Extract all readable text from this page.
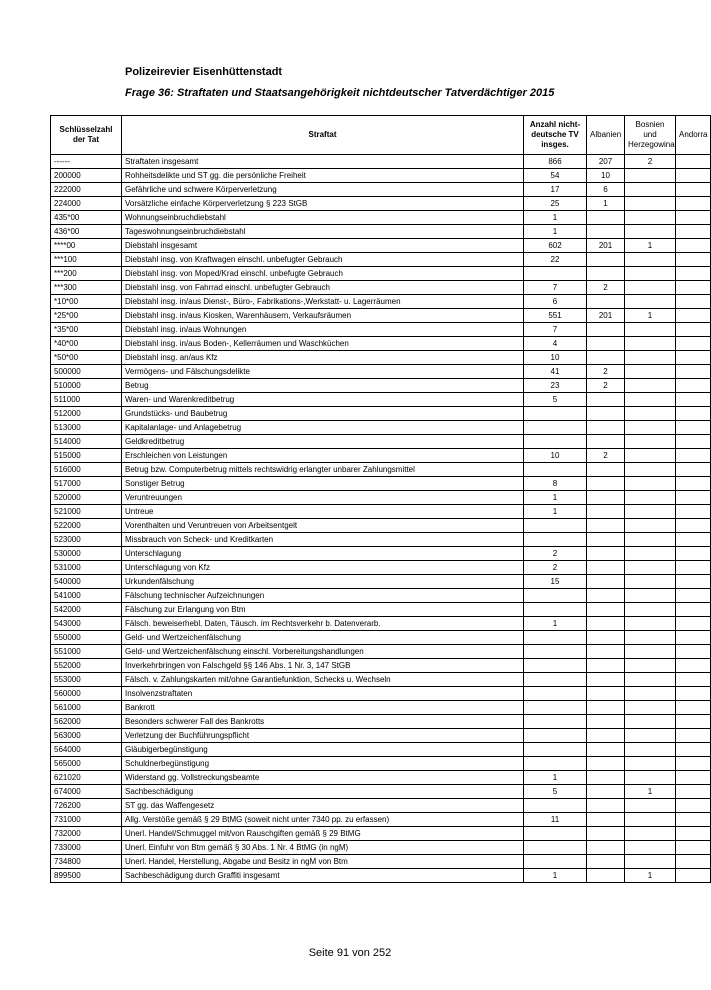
Polizeirevier Eisenhüttenstadt

Frage 36: Straftaten und Staatsangehörigkeit nichtdeutscher Tatverdächtiger 2015

Schlüsselzahl der Tat	Straftat	Anzahl nicht-deutsche TV insges.	Albanien	Bosnien und Herzegowina	Andorra
------	Straftaten insgesamt	866	207	2	
200000	Rohheitsdelikte und ST gg. die persönliche Freiheit	54	10		
222000	Gefährliche und schwere Körperverletzung	17	6		
224000	Vorsätzliche einfache Körperverletzung § 223 StGB	25	1		
435*00	Wohnungseinbruchdiebstahl	1			
436*00	Tageswohnungseinbruchdiebstahl	1			
****00	Diebstahl insgesamt	602	201	1	
***100	Diebstahl insg. von Kraftwagen einschl. unbefugter Gebrauch	22			
***200	Diebstahl insg. von Moped/Krad einschl. unbefugte Gebrauch				
***300	Diebstahl insg. von Fahrrad einschl. unbefugter Gebrauch	7	2		
*10*00	Diebstahl insg. in/aus Dienst-, Büro-, Fabrikations-,Werkstatt- u. Lagerräumen	6			
*25*00	Diebstahl insg. in/aus Kiosken, Warenhäusern, Verkaufsräumen	551	201	1	
*35*00	Diebstahl insg. in/aus Wohnungen	7			
*40*00	Diebstahl insg. in/aus Boden-, Kellerräumen und Waschküchen	4			
*50*00	Diebstahl insg. an/aus Kfz	10			
500000	Vermögens- und Fälschungsdelikte	41	2		
510000	Betrug	23	2		
511000	Waren- und Warenkreditbetrug	5			
512000	Grundstücks- und Baubetrug				
513000	Kapitalanlage- und Anlagebetrug				
514000	Geldkreditbetrug				
515000	Erschleichen von Leistungen	10	2		
516000	Betrug bzw. Computerbetrug mittels rechtswidrig erlangter unbarer Zahlungsmittel				
517000	Sonstiger Betrug	8			
520000	Veruntreuungen	1			
521000	Untreue	1			
522000	Vorenthalten und Veruntreuen von Arbeitsentgelt				
523000	Missbrauch von Scheck- und Kreditkarten				
530000	Unterschlagung	2			
531000	Unterschlagung von Kfz	2			
540000	Urkundenfälschung	15			
541000	Fälschung technischer Aufzeichnungen				
542000	Fälschung zur Erlangung von Btm				
543000	Fälsch. beweiserhebl. Daten, Täusch. im Rechtsverkehr b. Datenverarb.	1			
550000	Geld- und Wertzeichenfälschung				
551000	Geld- und Wertzeichenfälschung einschl. Vorbereitungshandlungen				
552000	Inverkehrbringen von Falschgeld §§ 146 Abs. 1 Nr. 3, 147 StGB				
553000	Fälsch. v. Zahlungskarten mit/ohne Garantiefunktion, Schecks u. Wechseln				
560000	Insolvenzstraftaten				
561000	Bankrott				
562000	Besonders schwerer Fall des Bankrotts				
563000	Verletzung der Buchführungspflicht				
564000	Gläubigerbegünstigung				
565000	Schuldnerbegünstigung				
621020	Widerstand gg. Vollstreckungsbeamte	1			
674000	Sachbeschädigung	5		1	
726200	ST gg. das Waffengesetz				
731000	Allg. Verstöße gemäß § 29 BtMG (soweit nicht unter 7340 pp. zu erfassen)	11			
732000	Unerl. Handel/Schmuggel mit/von Rauschgiften gemäß § 29 BtMG				
733000	Unerl. Einfuhr von Btm gemäß § 30 Abs. 1 Nr. 4 BtMG (in ngM)				
734800	Unerl. Handel, Herstellung, Abgabe und Besitz in ngM von Btm				
899500	Sachbeschädigung durch Graffiti insgesamt	1		1	
Seite 91 von 252
